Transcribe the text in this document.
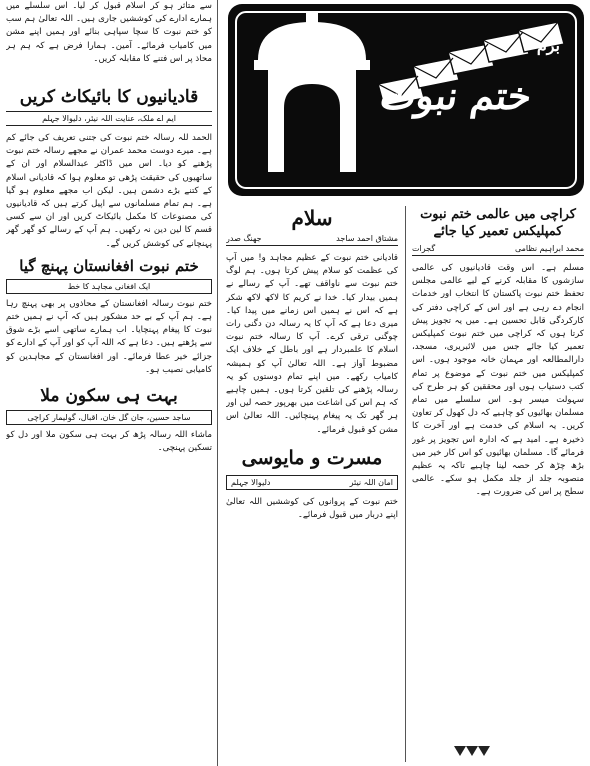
بزم
ختم نبوت

سے متاثر ہو کر اسلام قبول کر لیا۔ اس سلسلے میں ہمارے ادارے کی کوششیں جاری ہیں۔ اللہ تعالیٰ ہم سب کو ختم نبوت کا سچا سپاہی بنائے اور ہمیں اپنے مشن میں کامیاب فرمائے۔ آمین۔ ہمارا فرض ہے کہ ہم ہر محاذ پر اس فتنے کا مقابلہ کریں۔

قادیانیوں کا بائیکاٹ کریں
ایم اے ملک، عنایت اللہ نیئر، دلیوالا جہلم

الحمد للہ رسالہ ختم نبوت کی جتنی تعریف کی جائے کم ہے۔ میرے دوست محمد عمران نے مجھے رسالہ ختم نبوت پڑھنے کو دیا۔ اس میں ڈاکٹر عبدالسلام اور ان کے ساتھیوں کی حقیقت پڑھی تو معلوم ہوا کہ قادیانی اسلام کے کتنے بڑے دشمن ہیں۔ لیکن اب مجھے معلوم ہو گیا ہے۔ ہم تمام مسلمانوں سے اپیل کرتے ہیں کہ قادیانیوں کی مصنوعات کا مکمل بائیکاٹ کریں اور ان سے کسی قسم کا لین دین نہ رکھیں۔ ہم آپ کے رسالے کو گھر گھر پہنچانے کی کوشش کریں گے۔

ختم نبوت افغانستان پہنچ گیا
ایک افغانی مجاہد کا خط

ختم نبوت رسالہ افغانستان کے محاذوں پر بھی پہنچ رہا ہے۔ ہم آپ کے بے حد مشکور ہیں کہ آپ نے ہمیں ختم نبوت کا پیغام پہنچایا۔ اب ہمارے ساتھی اسے بڑے شوق سے پڑھتے ہیں۔ دعا ہے کہ اللہ آپ کو اور آپ کے ادارے کو جزائے خیر عطا فرمائے۔ اور افغانستان کے مجاہدین کو کامیابی نصیب ہو۔

بہت ہی سکون ملا
ساجد حسین، جان گل خان، اقبال، گولیمار کراچی

ماشاء اللہ رسالہ پڑھ کر بہت ہی سکون ملا اور دل کو تسکین پہنچی۔

سلام
مشتاق احمد ساجد
جھنگ صدر

قادیانی ختم نبوت کے عظیم مجاہد و! میں آپ کی عظمت کو سلام پیش کرتا ہوں۔ ہم لوگ ختم نبوت سے ناواقف تھے۔ آپ کے رسالے نے ہمیں بیدار کیا۔ خدا نے کریم کا لاکھ لاکھ شکر ہے کہ اس نے ہمیں اس زمانے میں پیدا کیا۔ میری دعا ہے کہ آپ کا یہ رسالہ دن دگنی رات چوگنی ترقی کرے۔ آپ کا رسالہ ختم نبوت اسلام کا علمبردار ہے اور باطل کے خلاف ایک مضبوط آواز ہے۔ اللہ تعالیٰ آپ کو ہمیشہ کامیاب رکھے۔ میں اپنے تمام دوستوں کو یہ رسالہ پڑھنے کی تلقین کرتا ہوں۔ ہمیں چاہیے کہ ہم اس کی اشاعت میں بھرپور حصہ لیں اور ہر گھر تک یہ پیغام پہنچائیں۔ اللہ تعالیٰ اس مشن کو قبول فرمائے۔

مسرت و مایوسی
امان اللہ نیئر
دلیوالا جہلم

ختم نبوت کے پروانوں کی کوششیں اللہ تعالیٰ اپنے دربار میں قبول فرمائے۔

کراچی میں عالمی ختم نبوت کمپلیکس تعمیر کیا جائے
محمد ابراہیم نظامی
گجرات

مسلم ہے۔ اس وقت قادیانیوں کی عالمی سازشوں کا مقابلہ کرنے کے لیے عالمی مجلس تحفظ ختم نبوت پاکستان کا انتخاب اور خدمات انجام دے رہی ہے اور اس کے کراچی دفتر کی کارکردگی قابل تحسین ہے۔ میں یہ تجویز پیش کرتا ہوں کہ کراچی میں ختم نبوت کمپلیکس تعمیر کیا جائے جس میں لائبریری، مسجد، دارالمطالعہ اور مہمان خانہ موجود ہوں۔ اس کمپلیکس میں ختم نبوت کے موضوع پر تمام کتب دستیاب ہوں اور محققین کو ہر طرح کی سہولت میسر ہو۔ اس سلسلے میں تمام مسلمان بھائیوں کو چاہیے کہ دل کھول کر تعاون کریں۔ یہ اسلام کی خدمت ہے اور آخرت کا ذخیرہ ہے۔ امید ہے کہ ادارہ اس تجویز پر غور فرمائے گا۔ مسلمان بھائیوں کو اس کار خیر میں بڑھ چڑھ کر حصہ لینا چاہیے تاکہ یہ عظیم منصوبہ جلد از جلد مکمل ہو سکے۔ عالمی سطح پر اس کی ضرورت ہے۔
